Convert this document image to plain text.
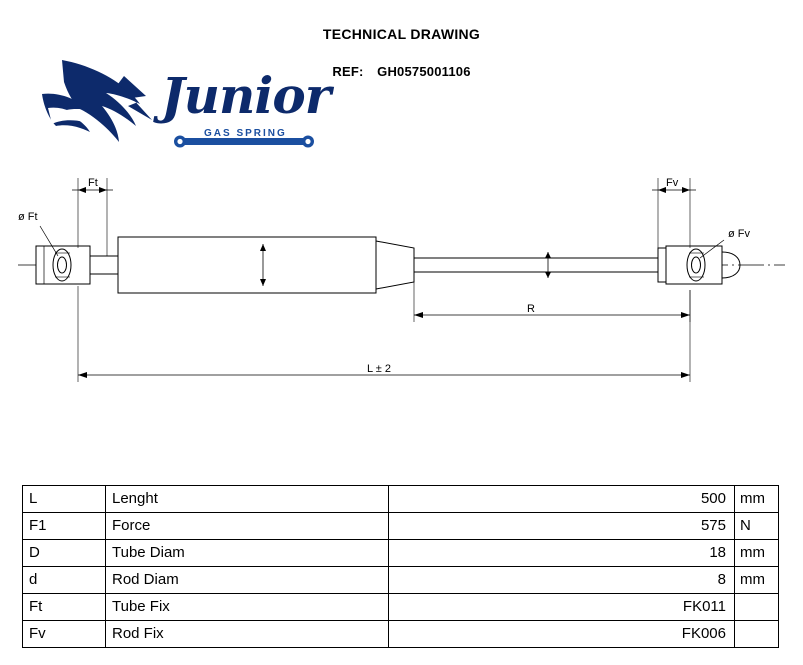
TECHNICAL DRAWING
REF: GH0575001106
Junior
GAS SPRING
Ft	Fv
ø Ft
ø Fv
R
L ± 2
L	Lenght	500	mm
F1	Force	575	N
D	Tube Diam	18	mm
d	Rod Diam	8	mm
Ft	Tube Fix	FK011	
Fv	Rod Fix	FK006	
